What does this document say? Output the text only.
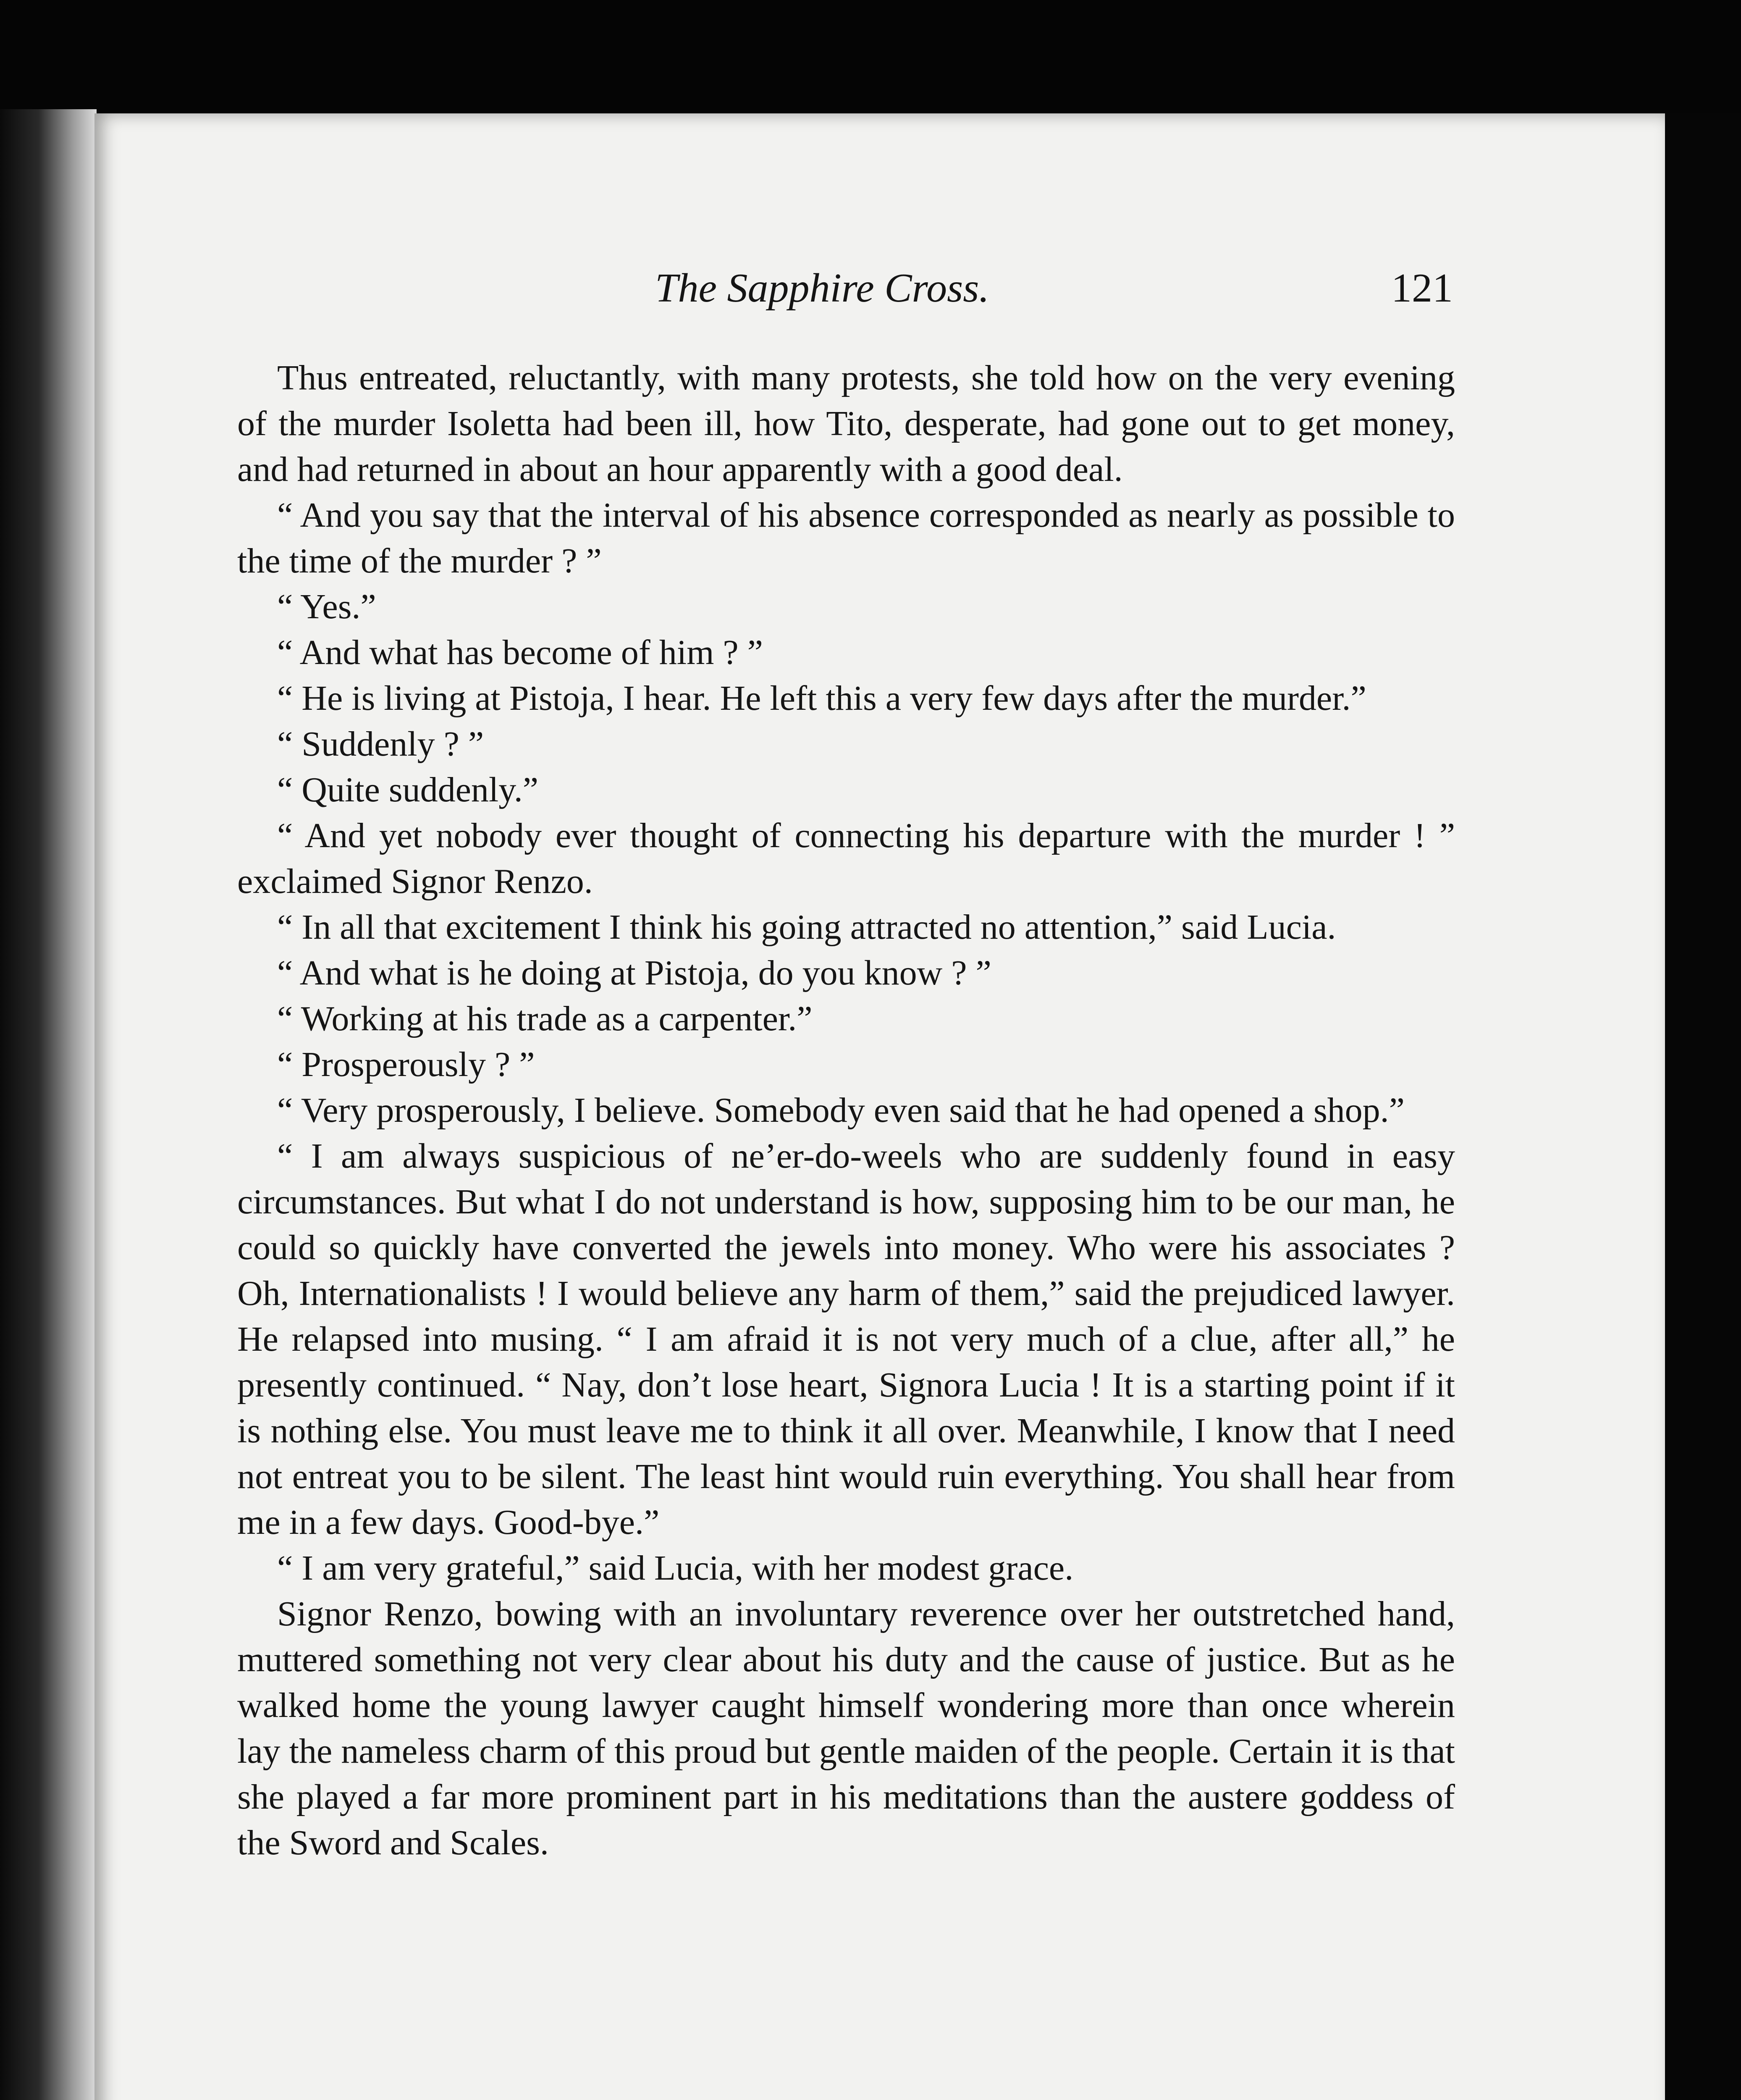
The Sapphire Cross.	121

Thus entreated, reluctantly, with many protests, she told how on the very evening of the murder Isoletta had been ill, how Tito, desperate, had gone out to get money, and had returned in about an hour apparently with a good deal.

“ And you say that the interval of his absence corresponded as nearly as possible to the time of the murder ? ”

“ Yes.”

“ And what has become of him ? ”

“ He is living at Pistoja, I hear. He left this a very few days after the murder.”

“ Suddenly ? ”

“ Quite suddenly.”

“ And yet nobody ever thought of connecting his departure with the murder ! ” exclaimed Signor Renzo.

“ In all that excitement I think his going attracted no attention,” said Lucia.

“ And what is he doing at Pistoja, do you know ? ”

“ Working at his trade as a carpenter.”

“ Prosperously ? ”

“ Very prosperously, I believe. Somebody even said that he had opened a shop.”

“ I am always suspicious of ne’er-do-weels who are suddenly found in easy circumstances. But what I do not understand is how, supposing him to be our man, he could so quickly have converted the jewels into money. Who were his associates ? Oh, Internationalists ! I would believe any harm of them,” said the prejudiced lawyer. He relapsed into musing. “ I am afraid it is not very much of a clue, after all,” he presently continued. “ Nay, don’t lose heart, Signora Lucia ! It is a starting point if it is nothing else. You must leave me to think it all over. Meanwhile, I know that I need not entreat you to be silent. The least hint would ruin everything. You shall hear from me in a few days. Good-bye.”

“ I am very grateful,” said Lucia, with her modest grace.

Signor Renzo, bowing with an involuntary reverence over her outstretched hand, muttered something not very clear about his duty and the cause of justice. But as he walked home the young lawyer caught himself wondering more than once wherein lay the nameless charm of this proud but gentle maiden of the people. Certain it is that she played a far more prominent part in his meditations than the austere goddess of the Sword and Scales.
